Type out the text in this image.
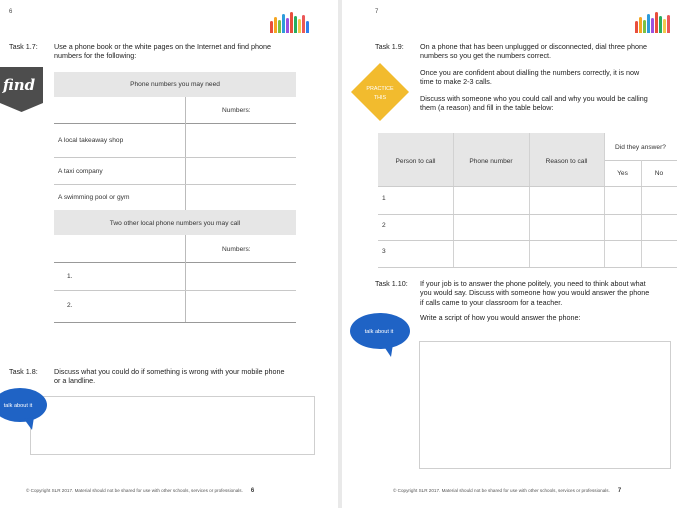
6
Task 1.7: Use a phone book or the white pages on the Internet and find phone
numbers for the following:
find	Phone numbers you may need
Numbers:
A local takeaway shop
A taxi company
A swimming pool or gym
Two other local phone numbers you may call
Numbers:
1.
2.
Task 1.8: Discuss what you could do if something is wrong with your mobile phone
or a landline.
talk about it
© Copyright SLR 2017. Material should not be shared for use with other schools, services or professionals. 6
7
Task 1.9: On a phone that has been unplugged or disconnected, dial three phone
numbers so you get the numbers correct.
Once you are confident about dialling the numbers correctly, it is now
time to make 2-3 calls.
Discuss with someone who you could call and why you would be calling
them (a reason) and fill in the table below:
PRACTICE
THIS
Person to call	Phone number	Reason to call
Did they answer?
Yes	No
1
2
3
Task 1.10: If your job is to answer the phone politely, you need to think about what
you would say. Discuss with someone how you would answer the phone
if calls came to your classroom for a teacher.
Write a script of how you would answer the phone:
talk about it
© Copyright SLR 2017. Material should not be shared for use with other schools, services or professionals. 7
